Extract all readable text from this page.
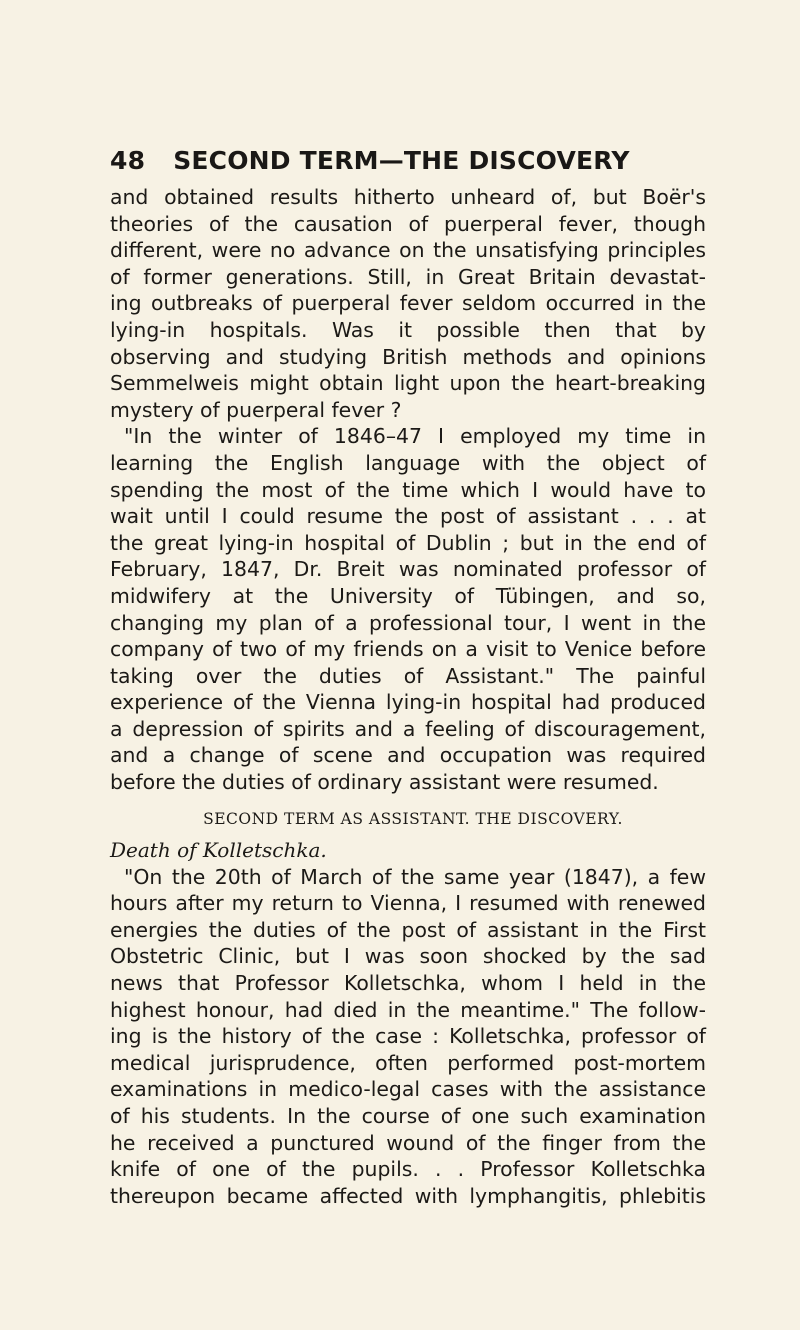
48 SECOND TERM—THE DISCOVERY
and obtained results hitherto unheard of, but Boër's
theories of the causation of puerperal fever, though
different, were no advance on the unsatisfying principles
of former generations. Still, in Great Britain devastat-
ing outbreaks of puerperal fever seldom occurred in the
lying-in hospitals. Was it possible then that by
observing and studying British methods and opinions
Semmelweis might obtain light upon the heart-breaking
mystery of puerperal fever ?
"In the winter of 1846–47 I employed my time in
learning the English language with the object of
spending the most of the time which I would have to
wait until I could resume the post of assistant . . . at
the great lying-in hospital of Dublin ; but in the end of
February, 1847, Dr. Breit was nominated professor of
midwifery at the University of Tübingen, and so,
changing my plan of a professional tour, I went in the
company of two of my friends on a visit to Venice before
taking over the duties of Assistant." The painful
experience of the Vienna lying-in hospital had produced
a depression of spirits and a feeling of discouragement,
and a change of scene and occupation was required
before the duties of ordinary assistant were resumed.
SECOND TERM AS ASSISTANT. THE DISCOVERY.
Death of Kolletschka.
"On the 20th of March of the same year (1847), a few
hours after my return to Vienna, I resumed with renewed
energies the duties of the post of assistant in the First
Obstetric Clinic, but I was soon shocked by the sad
news that Professor Kolletschka, whom I held in the
highest honour, had died in the meantime." The follow-
ing is the history of the case : Kolletschka, professor of
medical jurisprudence, often performed post-mortem
examinations in medico-legal cases with the assistance
of his students. In the course of one such examination
he received a punctured wound of the finger from the
knife of one of the pupils. . . Professor Kolletschka
thereupon became affected with lymphangitis, phlebitis
